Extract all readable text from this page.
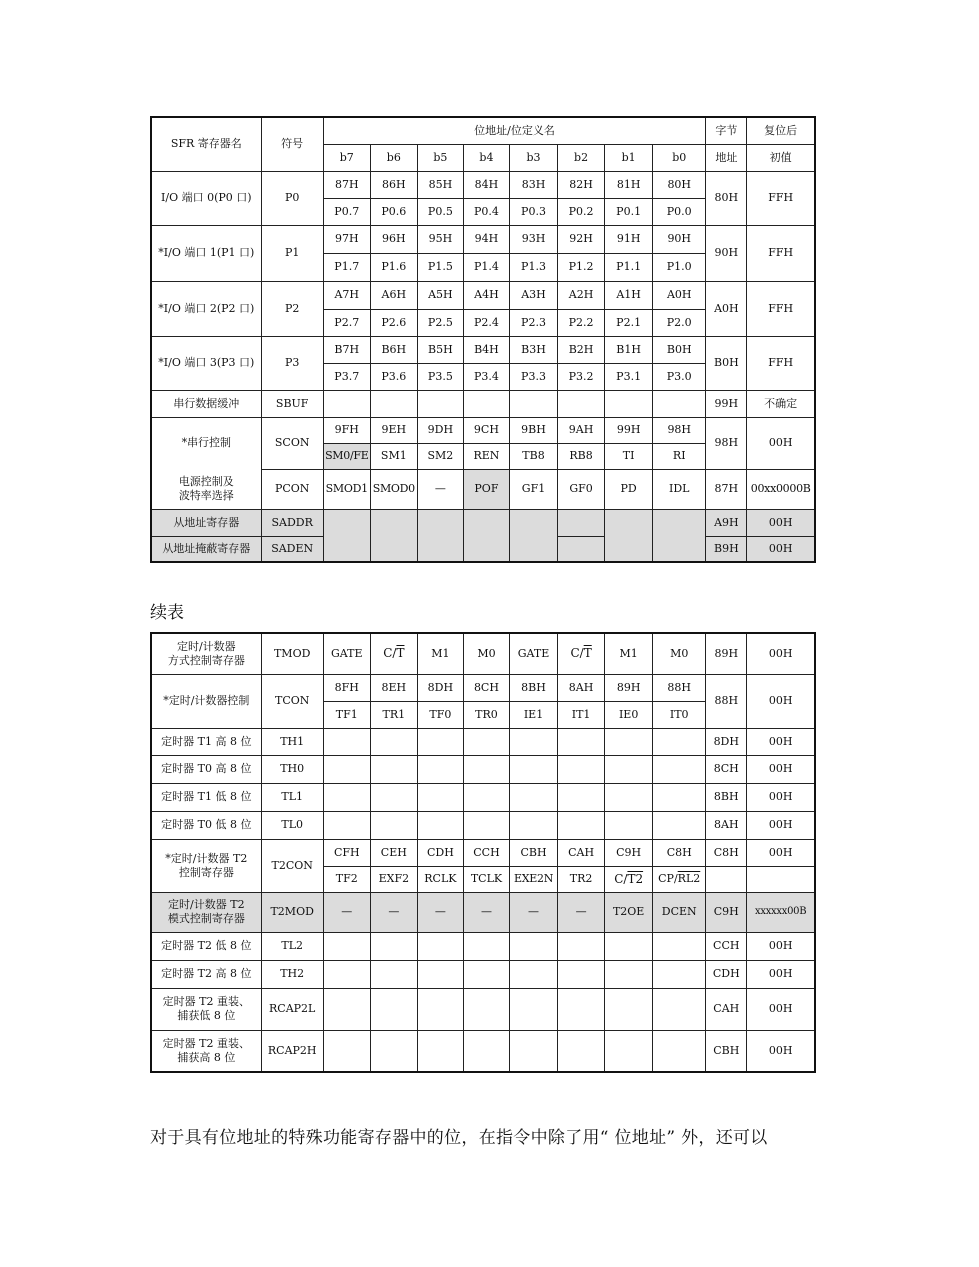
SFR 寄存器名	符号	位地址/位定义名								字节	复位后
		b7	b6	b5	b4	b3	b2	b1	b0	地址	初值
I/O 端口 0(P0 口)	P0	87H	86H	85H	84H	83H	82H	81H	80H	80H	FFH
		P0.7	P0.6	P0.5	P0.4	P0.3	P0.2	P0.1	P0.0		
*I/O 端口 1(P1 口)	P1	97H	96H	95H	94H	93H	92H	91H	90H	90H	FFH
		P1.7	P1.6	P1.5	P1.4	P1.3	P1.2	P1.1	P1.0		
*I/O 端口 2(P2 口)	P2	A7H	A6H	A5H	A4H	A3H	A2H	A1H	A0H	A0H	FFH
		P2.7	P2.6	P2.5	P2.4	P2.3	P2.2	P2.1	P2.0		
*I/O 端口 3(P3 口)	P3	B7H	B6H	B5H	B4H	B3H	B2H	B1H	B0H	B0H	FFH
		P3.7	P3.6	P3.5	P3.4	P3.3	P3.2	P3.1	P3.0		
串行数据缓冲	SBUF									99H	不确定
*串行控制	SCON	9FH	9EH	9DH	9CH	9BH	9AH	99H	98H	98H	00H
		SM0/FE	SM1	SM2	REN	TB8	RB8	TI	RI		

电源控制及
波特率选择	PCON	SMOD1	SMOD0	—	POF	GF1	GF0	PD	IDL	87H	00xx0000B
从地址寄存器	SADDR									A9H	00H
从地址掩蔽寄存器	SADEN									B9H	00H
续表
定时/计数器
方式控制寄存器	TMOD	GATE	$C/\overline{T}$	M1	M0	GATE	$C/\overline{T}$	M1	M0	89H	00H
*定时/计数器控制	TCON	8FH	8EH	8DH	8CH	8BH	8AH	89H	88H	88H	00H
		TF1	TR1	TF0	TR0	IE1	IT1	IE0	IT0		
定时器 T1 高 8 位	TH1									8DH	00H
定时器 T0 高 8 位	TH0									8CH	00H
定时器 T1 低 8 位	TL1									8BH	00H
定时器 T0 低 8 位	TL0									8AH	00H

*定时/计数器 T2
控制寄存器	T2CON	CFH	CEH	CDH	CCH	CBH	CAH	C9H	C8H	C8H	00H
		TF2	EXF2	RCLK	TCLK	EXE2N	TR2	C/T2	CP/RL2		

定时/计数器 T2
模式控制寄存器	T2MOD	—	—	—	—	—	—	T2OE	DCEN	C9H	xxxxxx00B
定时器 T2 低 8 位	TL2									CCH	00H
定时器 T2 高 8 位	TH2									CDH	00H

定时器 T2 重装、
捕获低 8 位	RCAP2L									CAH	00H

定时器 T2 重装、
捕获高 8 位	RCAP2H									CBH	00H
对于具有位地址的特殊功能寄存器中的位，在指令中除了用“ 位地址” 外，还可以
